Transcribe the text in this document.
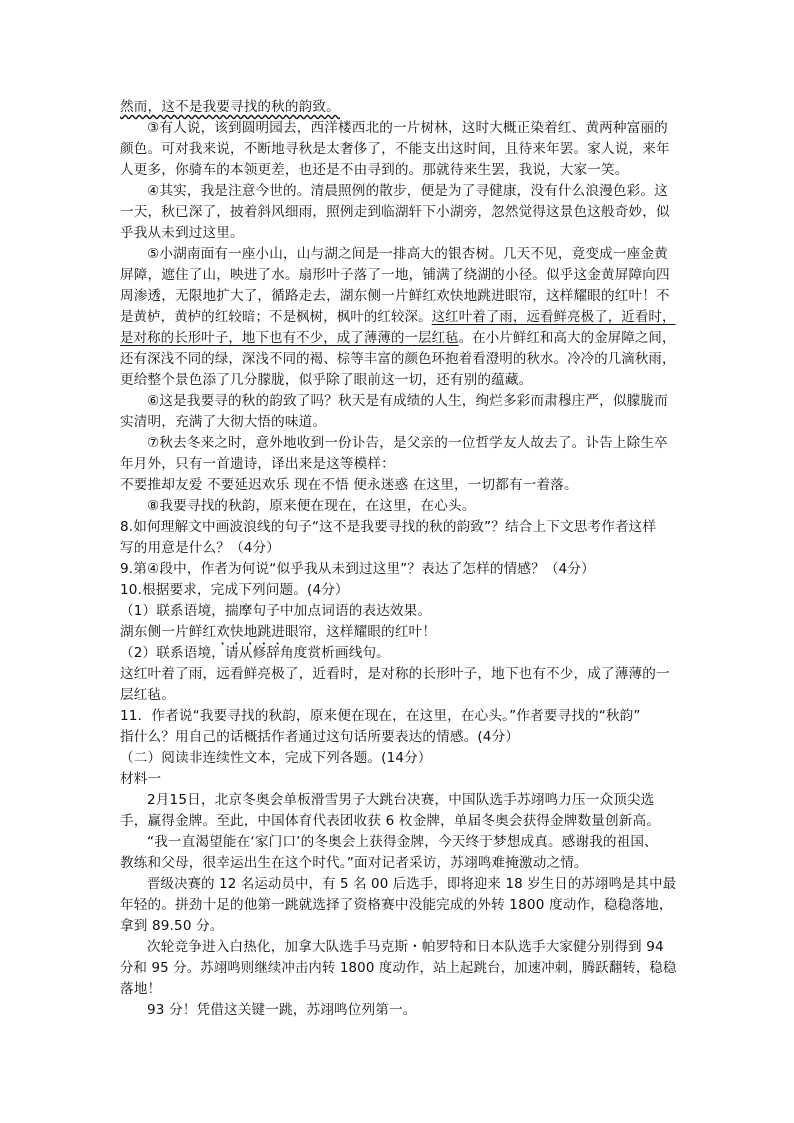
然而，这不是我要寻找的秋的韵致。
③有人说，该到圆明园去，西洋楼西北的一片树林，这时大概正染着红、黄两种富丽的
颜色。可对我来说，不断地寻秋是太奢侈了，不能支出这时间，且待来年罢。家人说，来年
人更多，你骑车的本领更差，也还是不由寻到的。那就待来生罢，我说，大家一笑。
④其实，我是注意今世的。清晨照例的散步，便是为了寻健康，没有什么浪漫色彩。这
一天，秋已深了，披着斜风细雨，照例走到临湖轩下小湖旁，忽然觉得这景色这般奇妙，似
乎我从未到过这里。
⑤小湖南面有一座小山，山与湖之间是一排高大的银杏树。几天不见，竟变成一座金黄
屏障，遮住了山，映进了水。扇形叶子落了一地，铺满了绕湖的小径。似乎这金黄屏障向四
周渗透，无限地扩大了，循路走去，湖东侧一片鲜红欢快地跳进眼帘，这样耀眼的红叶！不
是黄栌，黄栌的红较暗；不是枫树，枫叶的红较深。这红叶着了雨，远看鲜亮极了，近看时，
是对称的长形叶子，地下也有不少，成了薄薄的一层红毡。在小片鲜红和高大的金屏障之间，
还有深浅不同的绿，深浅不同的褐、棕等丰富的颜色环抱着看澄明的秋水。冷冷的几滴秋雨，
更给整个景色添了几分朦胧，似乎除了眼前这一切，还有别的蕴藏。
⑥这是我要寻的秋的韵致了吗？秋天是有成绩的人生，绚烂多彩而肃穆庄严，似朦胧而
实清明，充满了大彻大悟的味道。
⑦秋去冬来之时，意外地收到一份讣告，是父亲的一位哲学友人故去了。讣告上除生卒
年月外，只有一首遗诗，译出来是这等模样：
不要推却友爱 不要延迟欢乐 现在不悟 便永迷惑 在这里，一切都有一着落。
⑧我要寻找的秋韵，原来便在现在，在这里，在心头。
8.如何理解文中画波浪线的句子“这不是我要寻找的秋的韵致”？结合上下文思考作者这样
写的用意是什么？（4分）
9.第④段中，作者为何说“似乎我从未到过这里”？表达了怎样的情感？（4分）
10.根据要求，完成下列问题。(4分）
（1）联系语境，揣摩句子中加点词语的表达效果。
湖东侧一片鲜红欢快地跳进眼帘，这样耀眼的红叶！
（2）联系语境，请从修辞角度赏析画线句。
这红叶着了雨，远看鲜亮极了，近看时，是对称的长形叶子，地下也有不少，成了薄薄的一
层红毡。
11．作者说“我要寻找的秋韵，原来便在现在，在这里，在心头。”作者要寻找的“秋韵”
指什么？用自己的话概括作者通过这句话所要表达的情感。(4分）
（二）阅读非连续性文本，完成下列各题。(14分）
材料一
2月15日，北京冬奥会单板滑雪男子大跳台决赛，中国队选手苏翊鸣力压一众顶尖选
手，赢得金牌。至此，中国体育代表团收获 6 枚金牌，单届冬奥会获得金牌数量创新高。
“我一直渴望能在‘家门口’的冬奥会上获得金牌，今天终于梦想成真。感谢我的祖国、
教练和父母，很幸运出生在这个时代。”面对记者采访，苏翊鸣难掩激动之情。
晋级决赛的 12 名运动员中，有 5 名 00 后选手，即将迎来 18 岁生日的苏翊鸣是其中最
年轻的。拼劲十足的他第一跳就选择了资格赛中没能完成的外转 1800 度动作，稳稳落地，
拿到 89.50 分。
次轮竞争进入白热化，加拿大队选手马克斯・帕罗特和日本队选手大家健分别得到 94
分和 95 分。苏翊鸣则继续冲击内转 1800 度动作，站上起跳台，加速冲刺，腾跃翻转，稳稳
落地！
93 分！凭借这关键一跳，苏翊鸣位列第一。
